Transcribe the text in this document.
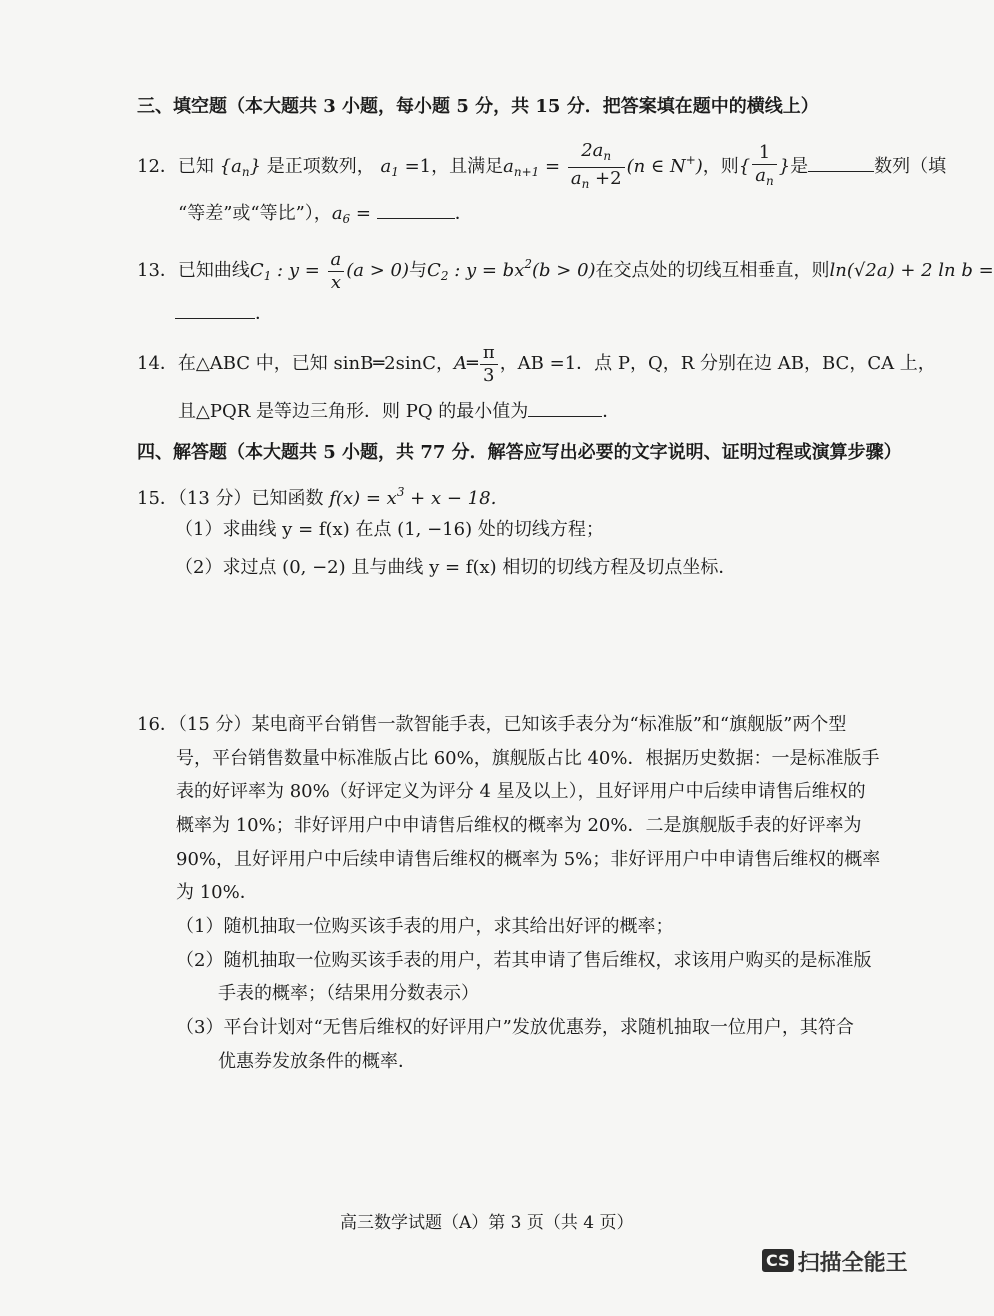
三、填空题（本大题共 3 小题，每小题 5 分，共 15 分．把答案填在题中的横线上）
12．已知 $\{a_n\}$ 是正项数列， $a_1 =1$，且满足$a_{n+1} = \frac{2a_n}{a_n +2} (n$ ∈ N+)，则{ $\frac{1}{a_n}$ }是	数列（填
“等差”或“等比”），$a_6$ =	．
13．已知曲线$C_1$ : $y = \frac{a}{x} (a > 0)$与$C_2$ : $y = bx^2(b > 0)$在交点处的切线互相垂直，则ln(√2a) + 2 ln b =
．
14．在△ABC 中，已知 sinB═2sinC，A═ $\frac{\pi}{3}$ ，AB =1．点 P，Q，R 分别在边 AB，BC，CA 上，
且△PQR 是等边三角形．则 PQ 的最小值为	．
四、解答题（本大题共 5 小题，共 77 分．解答应写出必要的文字说明、证明过程或演算步骤）
15．（13 分）已知函数 $f(x) = x^3 + x - 18$．
（1）求曲线 y = f(x) 在点 (1, −16) 处的切线方程；
（2）求过点 (0, −2) 且与曲线 y = f(x) 相切的切线方程及切点坐标．
16．（15 分）某电商平台销售一款智能手表，已知该手表分为“标准版”和“旗舰版”两个型
号，平台销售数量中标准版占比 60%，旗舰版占比 40%．根据历史数据：一是标准版手
表的好评率为 80%（好评定义为评分 4 星及以上），且好评用户中后续申请售后维权的
概率为 10%；非好评用户中申请售后维权的概率为 20%．二是旗舰版手表的好评率为
90%，且好评用户中后续申请售后维权的概率为 5%；非好评用户中申请售后维权的概率
为 10%．
（1）随机抽取一位购买该手表的用户，求其给出好评的概率；
（2）随机抽取一位购买该手表的用户，若其申请了售后维权，求该用户购买的是标准版
手表的概率；（结果用分数表示）
（3）平台计划对“无售后维权的好评用户”发放优惠券，求随机抽取一位用户，其符合
优惠券发放条件的概率．
高三数学试题（A）第 3 页（共 4 页）
CS 扫描全能王
